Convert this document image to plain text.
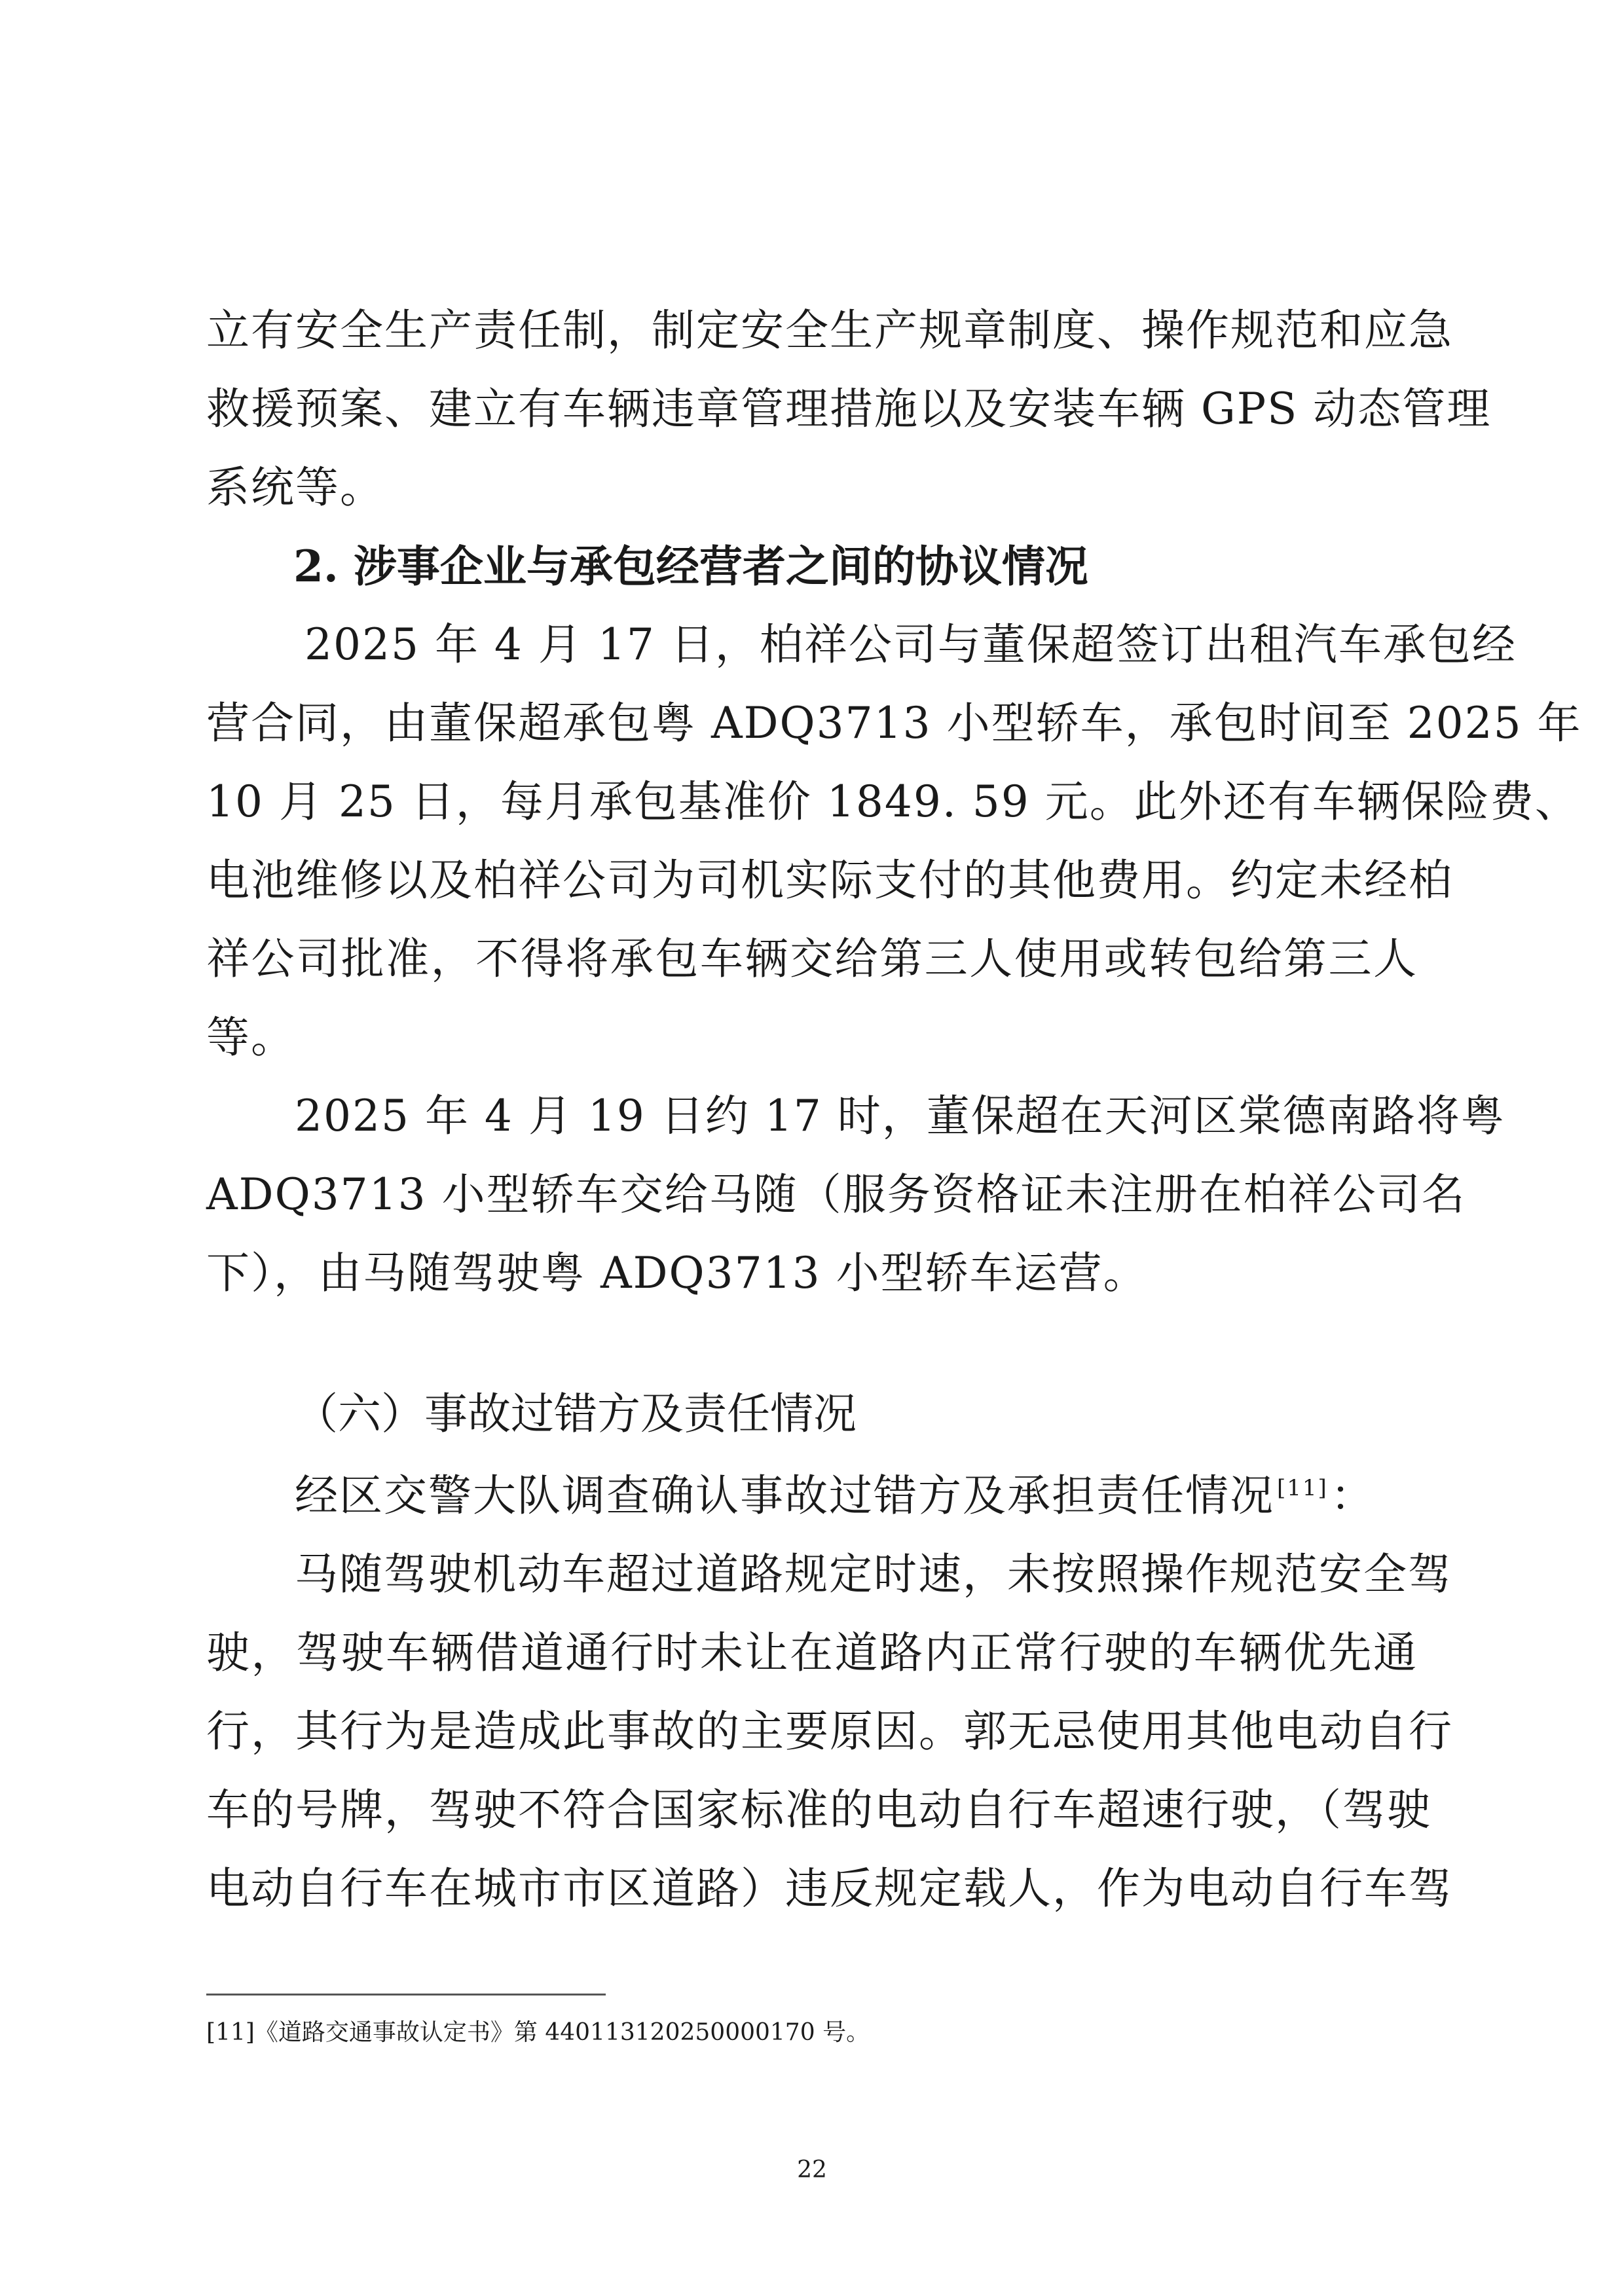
立有安全生产责任制，制定安全生产规章制度、操作规范和应急
救援预案、建立有车辆违章管理措施以及安装车辆 GPS 动态管理
系统等。
2. 涉事企业与承包经营者之间的协议情况
2025 年 4 月 17 日，柏祥公司与董保超签订出租汽车承包经
营合同，由董保超承包粤 ADQ3713 小型轿车，承包时间至 2025 年
10 月 25 日，每月承包基准价 1849. 59 元。此外还有车辆保险费、
电池维修以及柏祥公司为司机实际支付的其他费用。约定未经柏
祥公司批准，不得将承包车辆交给第三人使用或转包给第三人
等。
2025 年 4 月 19 日约 17 时，董保超在天河区棠德南路将粤
ADQ3713 小型轿车交给马随（服务资格证未注册在柏祥公司名
下），由马随驾驶粤 ADQ3713 小型轿车运营。
（六）事故过错方及责任情况
经区交警大队调查确认事故过错方及承担责任情况 [11]：
马随驾驶机动车超过道路规定时速，未按照操作规范安全驾
驶，驾驶车辆借道通行时未让在道路内正常行驶的车辆优先通
行，其行为是造成此事故的主要原因。郭无忌使用其他电动自行
车的号牌，驾驶不符合国家标准的电动自行车超速行驶，（驾驶
电动自行车在城市市区道路）违反规定载人，作为电动自行车驾
[11]《道路交通事故认定书》第 440113120250000170 号。
22
